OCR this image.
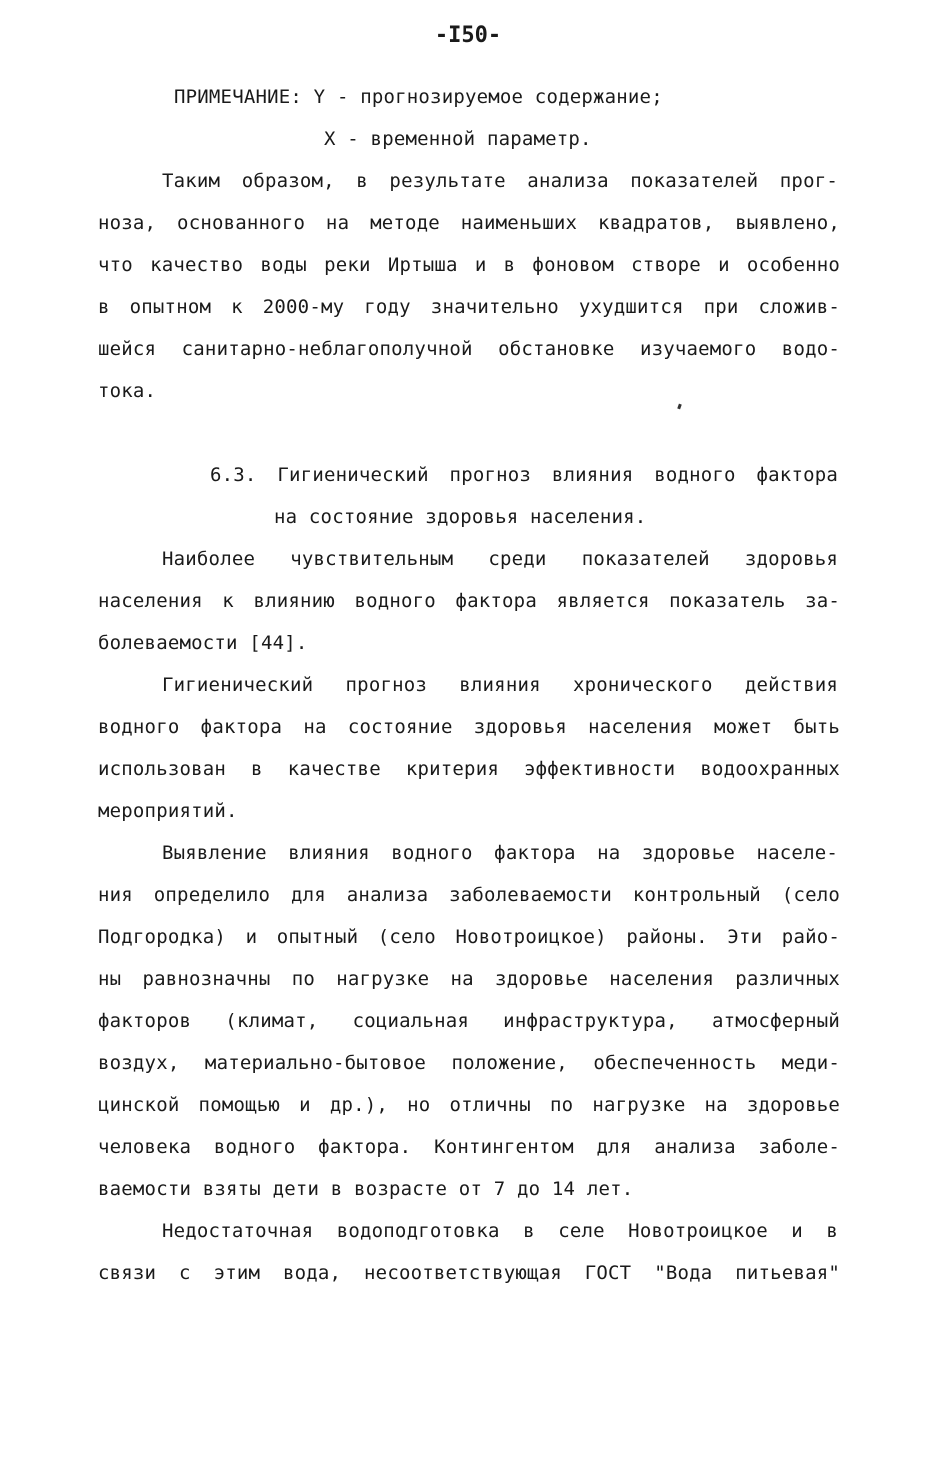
-I50-
ПРИМЕЧАНИЕ: Y - прогнозируемое содержание;
X - временной параметр.
Таким образом, в результате анализа показателей прог-
ноза, основанного на методе наименьших квадратов, выявлено,
что качество воды реки Иртыша и в фоновом створе и особенно
в опытном к 2000-му году значительно ухудшится при сложив-
шейся санитарно-неблагополучной обстановке изучаемого водо-
тока.
6.3. Гигиенический прогноз влияния водного фактора
на состояние здоровья населения.
Наиболее чувствительным среди показателей здоровья
населения к влиянию водного фактора является показатель за-
болеваемости [44].
Гигиенический прогноз влияния хронического действия
водного фактора на состояние здоровья населения может быть
использован в качестве критерия эффективности водоохранных
мероприятий.
Выявление влияния водного фактора на здоровье населе-
ния определило для анализа заболеваемости контрольный (село
Подгородка) и опытный (село Новотроицкое) районы. Эти райо-
ны равнозначны по нагрузке на здоровье населения различных
факторов (климат, социальная инфраструктура, атмосферный
воздух, материально-бытовое положение, обеспеченность меди-
цинской помощью и др.), но отличны по нагрузке на здоровье
человека водного фактора. Контингентом для анализа заболе-
ваемости взяты дети в возрасте от 7 до 14 лет.
Недостаточная водоподготовка в селе Новотроицкое и в
связи с этим вода, несоответствующая ГОСТ "Вода питьевая"
